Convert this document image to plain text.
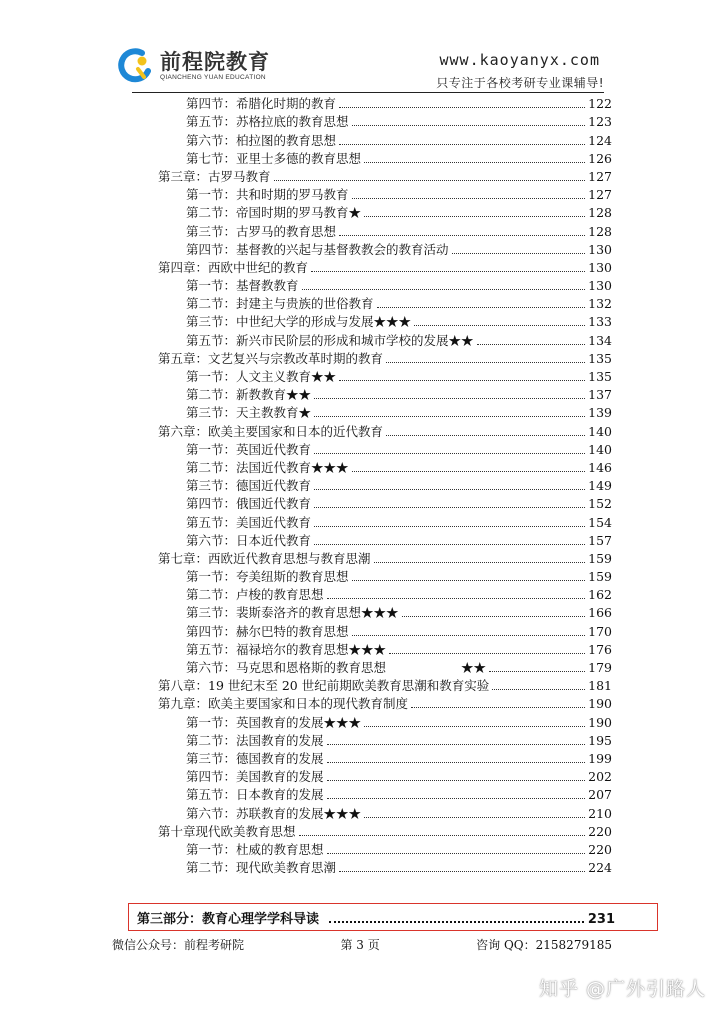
前程院教育
QIANCHENG YUAN EDUCATION
www.kaoyanyx.com
只专注于各校考研专业课辅导!
第四节：希腊化时期的教育	122
第五节：苏格拉底的教育思想	123
第六节：柏拉图的教育思想	124
第七节：亚里士多德的教育思想	126
第三章：古罗马教育	127
第一节：共和时期的罗马教育	127
第二节：帝国时期的罗马教育★	128
第三节：古罗马的教育思想	128
第四节：基督教的兴起与基督教教会的教育活动	130
第四章：西欧中世纪的教育	130
第一节：基督教教育	130
第二节：封建主与贵族的世俗教育	132
第三节：中世纪大学的形成与发展★★★	133
第五节：新兴市民阶层的形成和城市学校的发展★★	134
第五章：文艺复兴与宗教改革时期的教育	135
第一节：人文主义教育★★	135
第二节：新教教育★★	137
第三节：天主教教育★	139
第六章：欧美主要国家和日本的近代教育	140
第一节：英国近代教育	140
第二节：法国近代教育★★★	146
第三节：德国近代教育	149
第四节：俄国近代教育	152
第五节：美国近代教育	154
第六节：日本近代教育	157
第七章：西欧近代教育思想与教育思潮	159
第一节：夸美纽斯的教育思想	159
第二节：卢梭的教育思想	162
第三节：裴斯泰洛齐的教育思想★★★	166
第四节：赫尔巴特的教育思想	170
第五节：福禄培尔的教育思想★★★	176
第六节：马克思和恩格斯的教育思想　　　　　　★★	179
第八章：19 世纪末至 20 世纪前期欧美教育思潮和教育实验	181
第九章：欧美主要国家和日本的现代教育制度	190
第一节：英国教育的发展★★★	190
第二节：法国教育的发展	195
第三节：德国教育的发展	199
第四节：美国教育的发展	202
第五节：日本教育的发展	207
第六节：苏联教育的发展★★★	210
第十章现代欧美教育思想	220
第一节：杜威的教育思想	220
第二节：现代欧美教育思潮	224
第三部分：教育心理学学科导读	231
微信公众号：前程考研院	第 3 页	咨询 QQ：2158279185
知乎 @广外引路人
